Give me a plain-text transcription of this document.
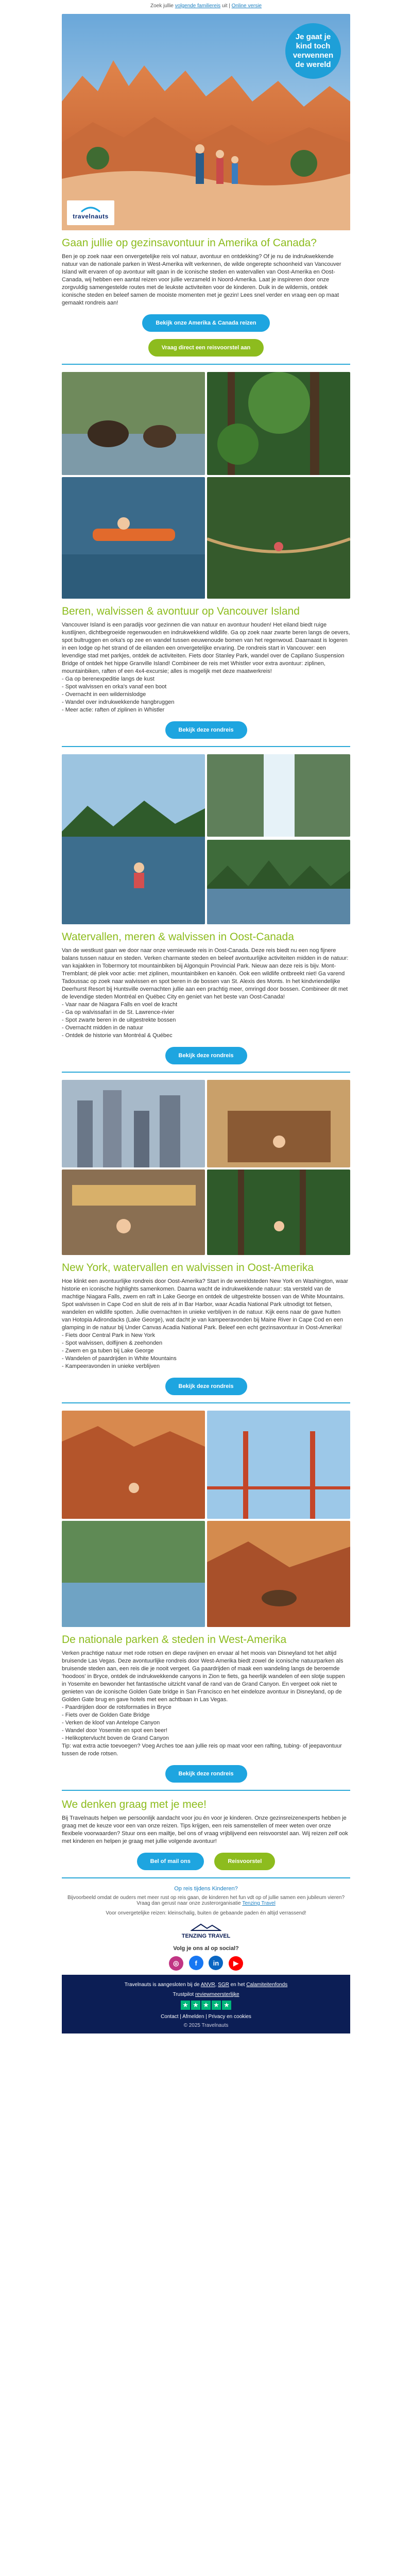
Zoek jullie volgende familiereis uit | Online versie
Je gaat je kind toch verwennen de wereld
travelnauts
Gaan jullie op gezinsavontuur in Amerika of Canada?

Ben je op zoek naar een onvergetelijke reis vol natuur, avontuur en ontdekking? Of je nu de indrukwekkende natuur van de nationale parken in West-Amerika wilt verkennen, de wilde ongerepte schoonheid van Vancouver Island wilt ervaren of op avontuur wilt gaan in de iconische steden en watervallen van Oost-Amerika en Oost-Canada, wij hebben een aantal reizen voor jullie verzameld in Noord-Amerika. Laat je inspireren door onze zorgvuldig samengestelde routes met de leukste activiteiten voor de kinderen. Duik in de wildernis, ontdek iconische steden en beleef samen de mooiste momenten met je gezin! Lees snel verder en vraag een op maat gemaakt rondreis aan!

Bekijk onze Amerika & Canada reizen
Vraag direct een reisvoorstel aan
Beren, walvissen & avontuur op Vancouver Island

Vancouver Island is een paradijs voor gezinnen die van natuur en avontuur houden! Het eiland biedt ruige kustlijnen, dichtbegroeide regenwouden en indrukwekkend wildlife. Ga op zoek naar zwarte beren langs de oevers, spot bultruggen en orka's op zee en wandel tussen eeuwenoude bomen van het regenwoud. Daarnaast is logeren in een lodge op het strand of de eilanden een onvergetelijke ervaring. De rondreis start in Vancouver: een levendige stad met parkjes, ontdek de activiteiten. Fiets door Stanley Park, wandel over de Capilano Suspension Bridge of ontdek het hippe Granville Island! Combineer de reis met Whistler voor extra avontuur: ziplinen, mountainbiken, raften of een 4x4-excursie; alles is mogelijk met deze maatwerkreis!

- Ga op berenexpeditie langs de kust
- Spot walvissen en orka's vanaf een boot
- Overnacht in een wildernislodge
- Wandel over indrukwekkende hangbruggen
- Meer actie: raften of ziplinen in Whistler
Bekijk deze rondreis
Watervallen, meren & walvissen in Oost-Canada

Van de westkust gaan we door naar onze vernieuwde reis in Oost-Canada. Deze reis biedt nu een nog fijnere balans tussen natuur en steden. Verken charmante steden en beleef avontuurlijke activiteiten midden in de natuur: van kajakken in Tobermory tot mountainbiken bij Algonquin Provincial Park. Nieuw aan deze reis is bijv. Mont-Tremblant; dé plek voor actie: met ziplinen, mountainbiken en kanoën. Ook een wildlife ontbreekt niet! Ga varend Tadoussac op zoek naar walvissen en spot beren in de bossen van St. Alexis des Monts. In het kindvriendelijke Deerhurst Resort bij Huntsville overnachten jullie aan een prachtig meer, omringd door bossen. Combineer dit met de levendige steden Montréal en Québec City en geniet van het beste van Oost-Canada!

- Vaar naar de Niagara Falls en voel de kracht
- Ga op walvissafari in de St. Lawrence-rivier
- Spot zwarte beren in de uitgestrekte bossen
- Overnacht midden in de natuur
- Ontdek de historie van Montréal & Québec
Bekijk deze rondreis
New York, watervallen en walvissen in Oost-Amerika

Hoe klinkt een avontuurlijke rondreis door Oost-Amerika? Start in de wereldsteden New York en Washington, waar historie en iconische highlights samenkomen. Daarna wacht de indrukwekkende natuur: sta versteld van de machtige Niagara Falls, zwem en raft in Lake George en ontdek de uitgestrekte bossen van de White Mountains. Spot walvissen in Cape Cod en sluit de reis af in Bar Harbor, waar Acadia National Park uitnodigt tot fietsen, wandelen en wildlife spotten. Jullie overnachten in unieke verblijven in de natuur. Kijk eens naar de gave hutten van Hotopia Adirondacks (Lake George), wat dacht je van kampeeravonden bij Maine River in Cape Cod en een glamping in de natuur bij Under Canvas Acadia National Park. Beleef een echt gezinsavontuur in Oost-Amerika!

- Fiets door Central Park in New York
- Spot walvissen, dolfijnen & zeehonden
- Zwem en ga tuben bij Lake George
- Wandelen of paardrijden in White Mountains
- Kampeeravonden in unieke verblijven
Bekijk deze rondreis
De nationale parken & steden in West-Amerika

Verken prachtige natuur met rode rotsen en diepe ravijnen en ervaar al het moois van Disneyland tot het altijd bruisende Las Vegas. Deze avontuurlijke rondreis door West-Amerika biedt zowel de iconische natuurparken als bruisende steden aan, een reis die je nooit vergeet. Ga paardrijden of maak een wandeling langs de beroemde 'hoodoos' in Bryce, ontdek de indrukwekkende canyons in Zion te fiets, ga heerlijk wandelen of een slotje suppen in Yosemite en bewonder het fantastische uitzicht vanaf de rand van de Grand Canyon. En vergeet ook niet te genieten van de iconische Golden Gate bridge in San Francisco en het eindeloze avontuur in Disneyland, op de Golden Gate brug en gave hotels met een achtbaan in Las Vegas.

- Paardrijden door de rotsformaties in Bryce
- Fiets over de Golden Gate Bridge
- Verken de kloof van Antelope Canyon
- Wandel door Yosemite en spot een beer!
- Helikoptervlucht boven de Grand Canyon

Tip: wat extra actie toevoegen? Voeg Arches toe aan jullie reis op maat voor een rafting, tubing- of jeepavontuur tussen de rode rotsen.

Bekijk deze rondreis
We denken graag met je mee!

Bij Travelnauts helpen we persoonlijk aandacht voor jou én voor je kinderen. Onze gezinsreizenexperts hebben je graag met de keuze voor een van onze reizen. Tips krijgen, een reis samenstellen of meer weten over onze flexibele voorwaarden? Stuur ons een mailtje, bel ons of vraag vrijblijvend een reisvoorstel aan. Wij reizen zelf ook met kinderen en helpen je graag met jullie volgende avontuur!

Bel of mail ons	Reisvoorstel
Op reis tijdens Kinderen?
Bijvoorbeeld omdat de ouders met meer rust op reis gaan, de kinderen het fun vdt op of jullie samen een jubileum vieren? Vraag dan gerust naar onze zusterorganisatie Tenzing Travel
Voor onvergetelijke reizen: kleinschalig, buiten de gebaande paden én altijd verrassend!
TENZING TRAVEL
Volg je ons al op social?
◎ f in ▶
Travelnauts is aangesloten bij de ANVR, SGR en het Calamiteitenfonds
Trustpilot reviewmeersterlijke
★ ★ ★ ★ ★
Contact | Afmelden | Privacy en cookies
© 2025 Travelnauts
